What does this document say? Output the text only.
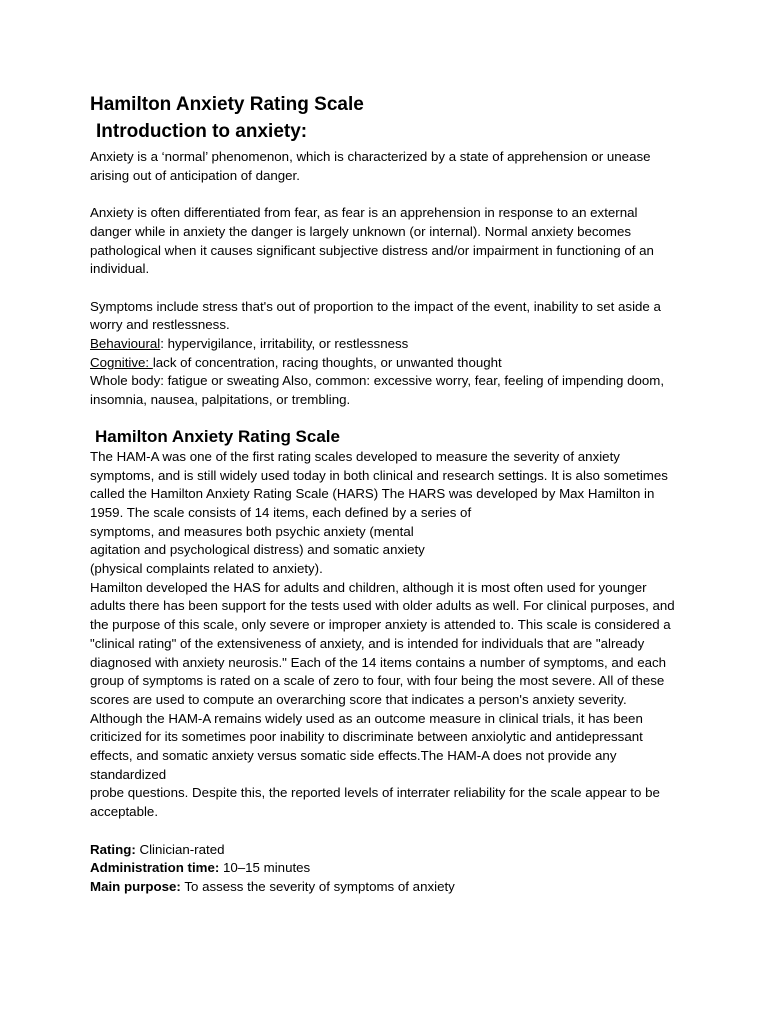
Hamilton Anxiety Rating Scale
Introduction to anxiety:

Anxiety is a ‘normal’ phenomenon, which is characterized by a state of apprehension or unease arising out of anticipation of danger.

Anxiety is often differentiated from fear, as fear is an apprehension in response to an external danger while in anxiety the danger is largely unknown (or internal). Normal anxiety becomes pathological when it causes significant subjective distress and/or impairment in functioning of an individual.

Symptoms include stress that's out of proportion to the impact of the event, inability to set aside a worry and restlessness.

Behavioural: hypervigilance, irritability, or restlessness

Cognitive: lack of concentration, racing thoughts, or unwanted thought

Whole body: fatigue or sweating Also, common: excessive worry, fear, feeling of impending doom, insomnia, nausea, palpitations, or trembling.

Hamilton Anxiety Rating Scale

The HAM-A was one of the first rating scales developed to measure the severity of anxiety symptoms, and is still widely used today in both clinical and research settings. It is also sometimes called the Hamilton Anxiety Rating Scale (HARS) The HARS was developed by Max Hamilton in 1959. The scale consists of 14 items, each defined by a series of

symptoms, and measures both psychic anxiety (mental

agitation and psychological distress) and somatic anxiety

(physical complaints related to anxiety).

Hamilton developed the HAS for adults and children, although it is most often used for younger adults there has been support for the tests used with older adults as well. For clinical purposes, and the purpose of this scale, only severe or improper anxiety is attended to. This scale is considered a "clinical rating" of the extensiveness of anxiety, and is intended for individuals that are "already diagnosed with anxiety neurosis." Each of the 14 items contains a number of symptoms, and each group of symptoms is rated on a scale of zero to four, with four being the most severe. All of these scores are used to compute an overarching score that indicates a person's anxiety severity.

Although the HAM-A remains widely used as an outcome measure in clinical trials, it has been criticized for its sometimes poor inability to discriminate between anxiolytic and antidepressant effects, and somatic anxiety versus somatic side effects.The HAM-A does not provide any standardized

probe questions. Despite this, the reported levels of interrater reliability for the scale appear to be acceptable.

Rating: Clinician-rated

Administration time: 10–15 minutes

Main purpose: To assess the severity of symptoms of anxiety
